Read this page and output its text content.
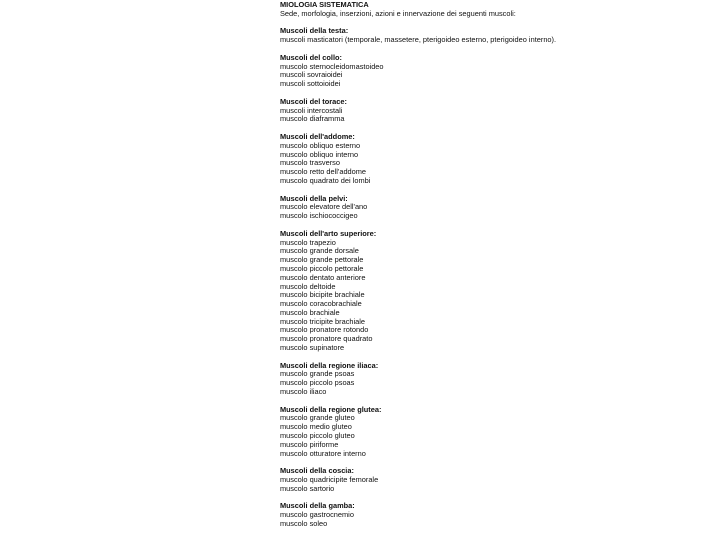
MIOLOGIA SISTEMATICA
Sede, morfologia, inserzioni, azioni e innervazione dei seguenti muscoli:
Muscoli della testa:
muscoli masticatori (temporale, massetere, pterigoideo esterno, pterigoideo interno).
Muscoli del collo:
muscolo sternocleidomastoideo
muscoli sovraioidei
muscoli sottoioidei
Muscoli del torace:
muscoli intercostali
muscolo diaframma
Muscoli dell'addome:
muscolo obliquo esterno
muscolo obliquo interno
muscolo trasverso
muscolo retto dell'addome
muscolo quadrato dei lombi
Muscoli della pelvi:
muscolo elevatore dell'ano
muscolo ischiococcigeo
Muscoli dell'arto superiore:
muscolo trapezio
muscolo grande dorsale
muscolo grande pettorale
muscolo piccolo pettorale
muscolo dentato anteriore
muscolo deltoide
muscolo bicipite brachiale
muscolo coracobrachiale
muscolo brachiale
muscolo tricipite brachiale
muscolo pronatore rotondo
muscolo pronatore quadrato
muscolo supinatore
Muscoli della regione iliaca:
muscolo grande psoas
muscolo piccolo psoas
muscolo iliaco
Muscoli della regione glutea:
muscolo grande gluteo
muscolo medio gluteo
muscolo piccolo gluteo
muscolo piriforme
muscolo otturatore interno
Muscoli della coscia:
muscolo quadricipite femorale
muscolo sartorio
Muscoli della gamba:
muscolo gastrocnemio
muscolo soleo
